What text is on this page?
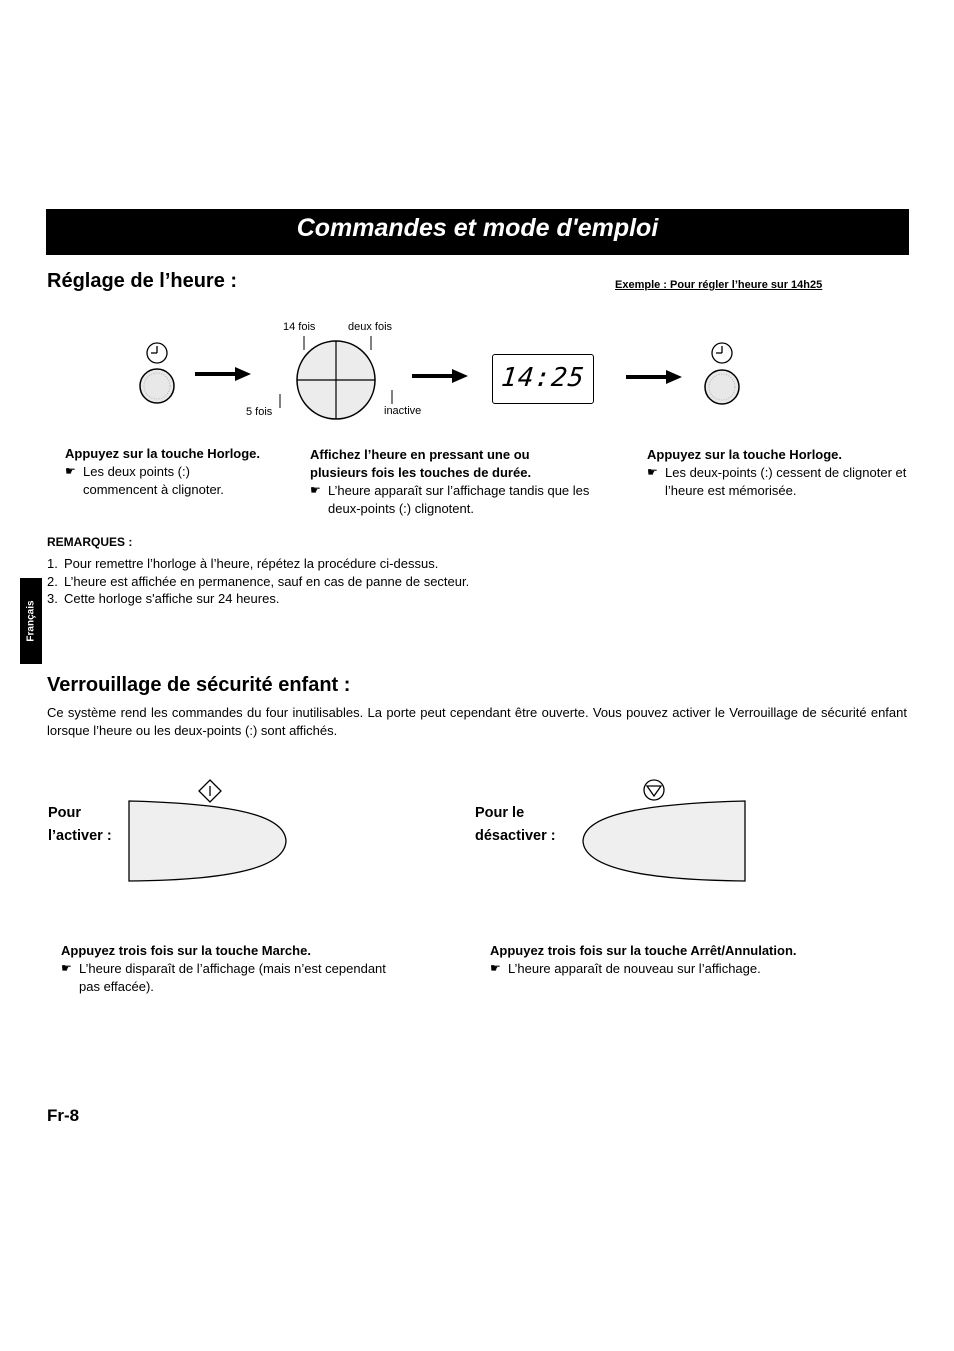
Commandes et mode d'emploi
Français
Réglage de l’heure :	Exemple : Pour régler l’heure sur 14h25
14 fois	deux fois
5 fois	inactive
14:25
Appuyez sur la touche Horloge.
☛ Les deux points (:) commencent à clignoter.
Affichez l’heure en pressant une ou plusieurs fois les touches de durée.
☛ L’heure apparaît sur l’affichage tandis que les deux-points (:) clignotent.
Appuyez sur la touche Horloge.
☛ Les deux-points (:) cessent de clignoter et l’heure est mémorisée.
REMARQUES :
1. Pour remettre l’horloge à l’heure, répétez la procédure ci-dessus.
2. L’heure est affichée en permanence, sauf en cas de panne de secteur.
3. Cette horloge s'affiche sur 24 heures.
Verrouillage de sécurité enfant :
Ce système rend les commandes du four inutilisables. La porte peut cependant être ouverte. Vous pouvez activer le Verrouillage de sécurité enfant lorsque l’heure ou les deux-points (:) sont affichés.
Pour
l’activer :
Appuyez trois fois sur la touche Marche.
☛ L’heure disparaît de l’affichage (mais n’est cependant pas effacée).
Pour le
désactiver :
Appuyez trois fois sur la touche Arrêt/Annulation.
☛ L’heure apparaît de nouveau sur l’affichage.
Fr-8
